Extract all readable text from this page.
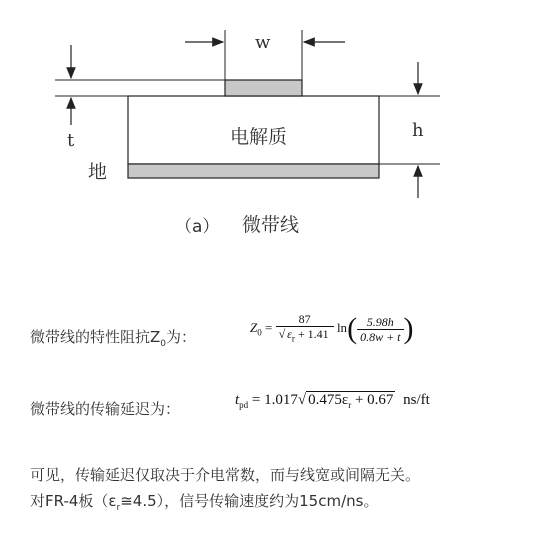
w
t	h
电解质
地
（a） 微带线
微带线的特性阻抗$Z_0$为：
$Z_0 = \frac{87}{√ \varepsilon_r + 1.41} \ln( \frac{5.98h}{0.8w + t}$ )
微带线的传输延迟为：	$t_{pd} = 1.017√$ $0.475\varepsilon_r + 0.67$ ns/ft
可见，传输延迟仅取决于介电常数，而与线宽或间隔无关。
对FR-4板$(\varepsilon_r≅4.5)$，信号传输速度约为15cm/ns。
